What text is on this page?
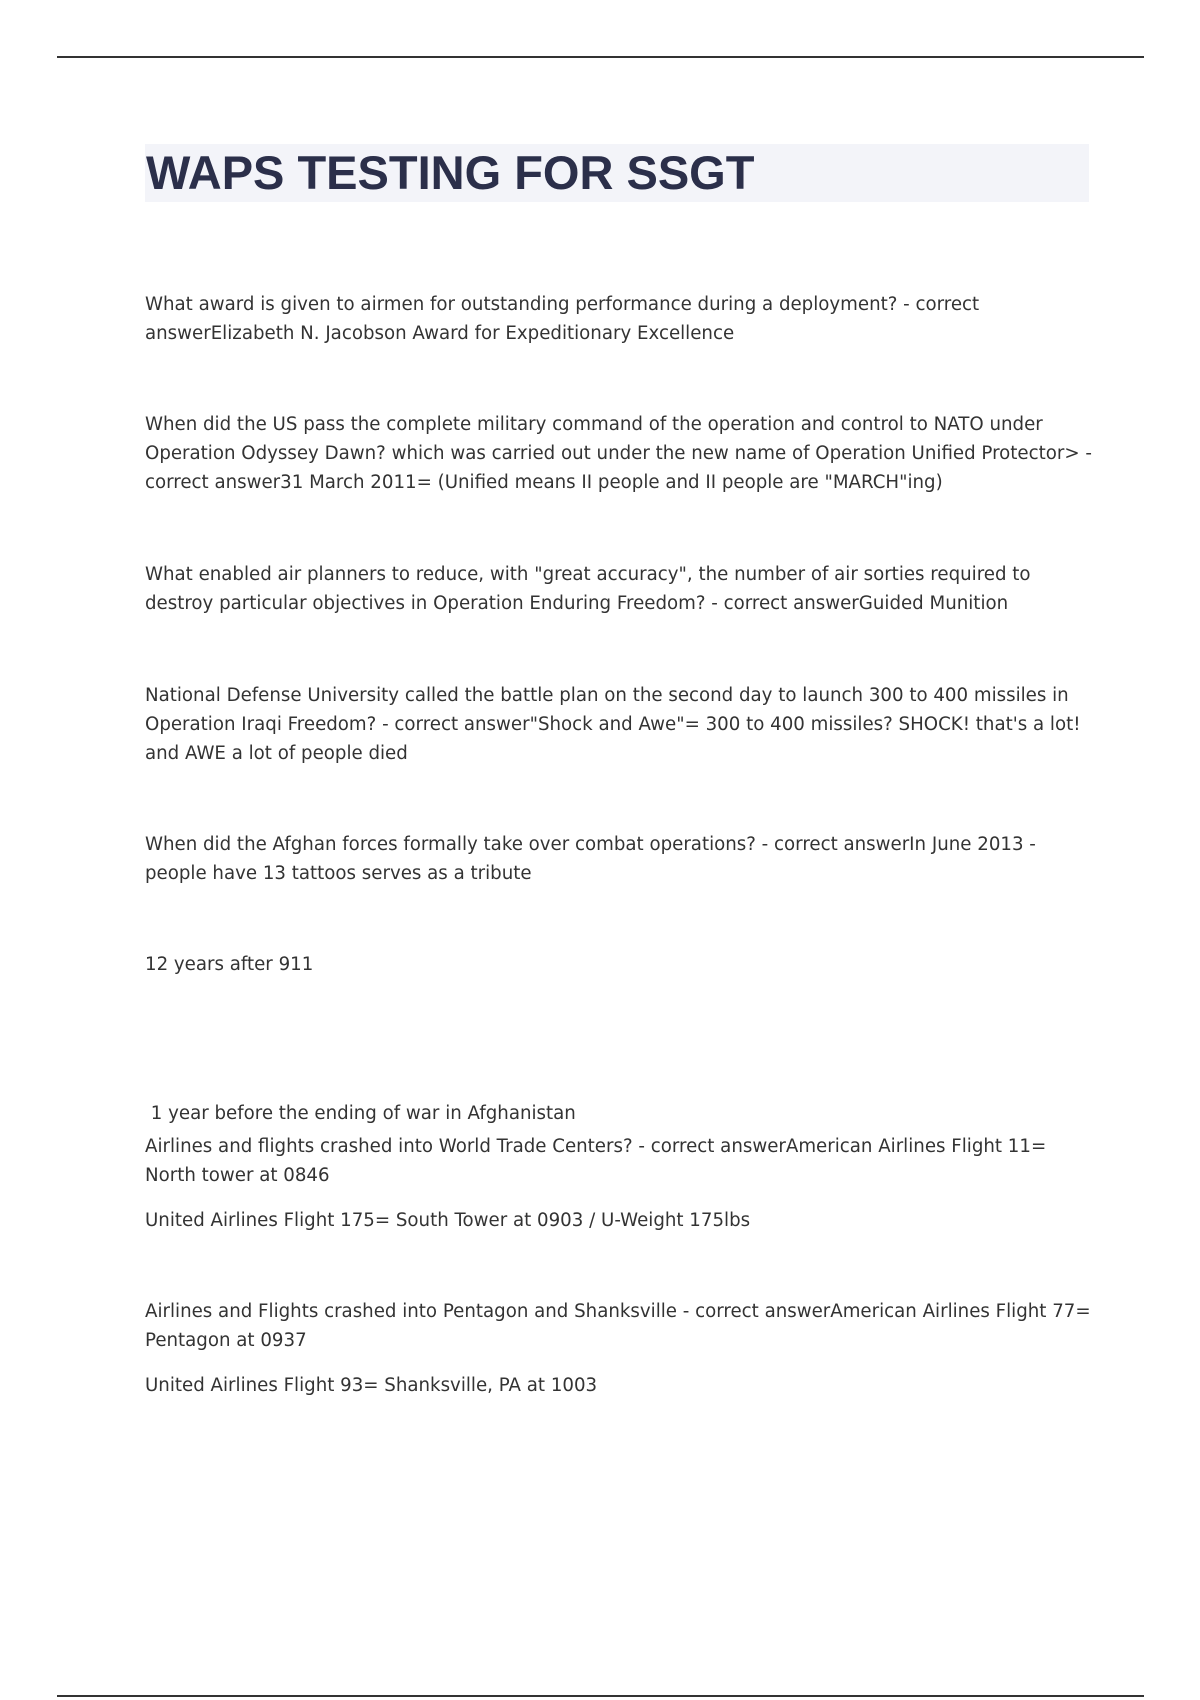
WAPS TESTING FOR SSGT
What award is given to airmen for outstanding performance during a deployment? - correct
answerElizabeth N. Jacobson Award for Expeditionary Excellence
When did the US pass the complete military command of the operation and control to NATO under
Operation Odyssey Dawn? which was carried out under the new name of Operation Unified Protector> -
correct answer31 March 2011= (Unified means II people and II people are "MARCH"ing)
What enabled air planners to reduce, with "great accuracy", the number of air sorties required to
destroy particular objectives in Operation Enduring Freedom? - correct answerGuided Munition
National Defense University called the battle plan on the second day to launch 300 to 400 missiles in
Operation Iraqi Freedom? - correct answer"Shock and Awe"= 300 to 400 missiles? SHOCK! that's a lot!
and AWE a lot of people died
When did the Afghan forces formally take over combat operations? - correct answerIn June 2013 -
people have 13 tattoos serves as a tribute
12 years after 911

1 year before the ending of war in Afghanistan

Airlines and flights crashed into World Trade Centers? - correct answerAmerican Airlines Flight 11=
North tower at 0846
United Airlines Flight 175= South Tower at 0903 / U-Weight 175lbs
Airlines and Flights crashed into Pentagon and Shanksville - correct answerAmerican Airlines Flight 77=
Pentagon at 0937
United Airlines Flight 93= Shanksville, PA at 1003
